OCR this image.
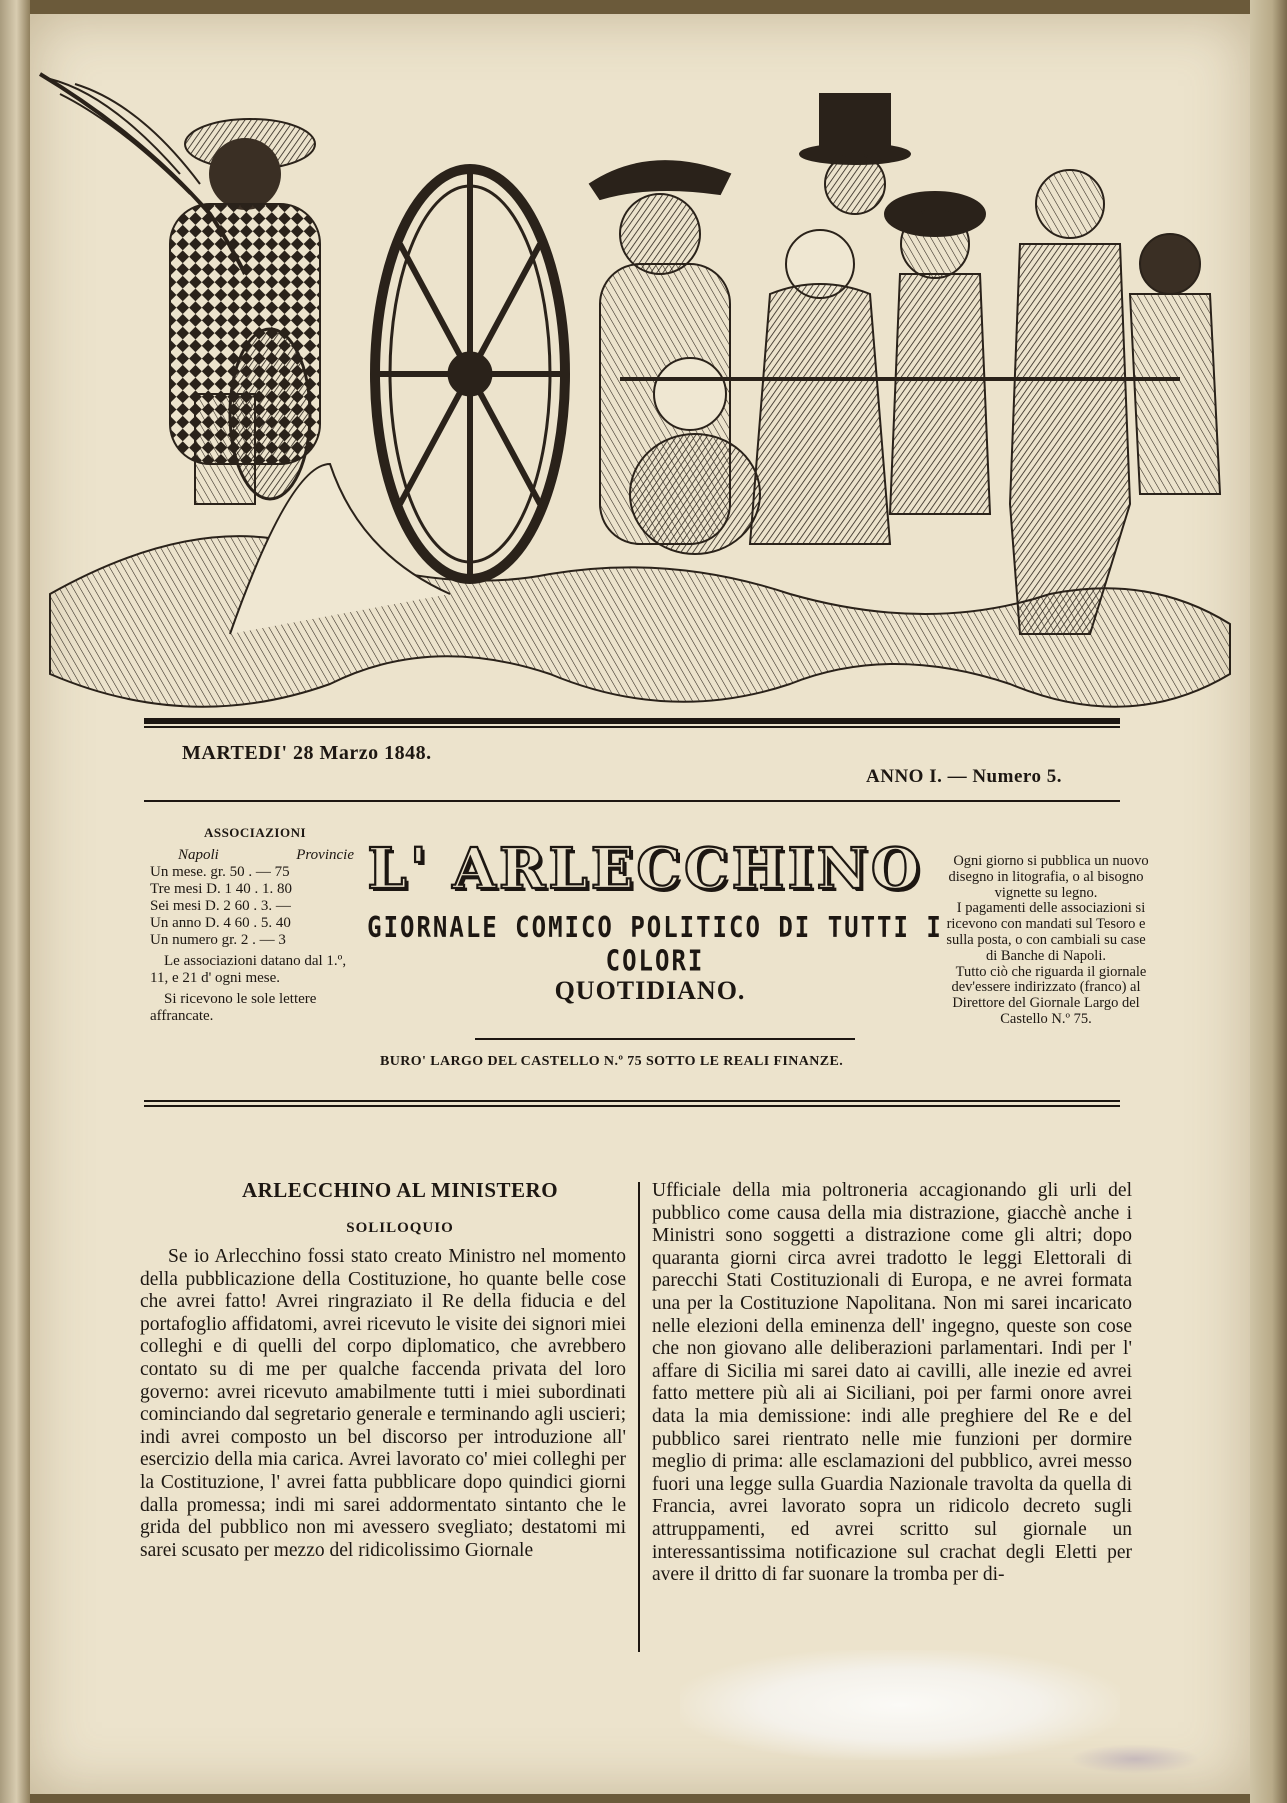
MARTEDI' 28 Marzo 1848.
ANNO I. — Numero 5.
ASSOCIAZIONI
Napoli	Provincie
Un mese. gr. 50 . — 75
Tre mesi D. 1 40 . 1. 80
Sei mesi D. 2 60 . 3. —
Un anno D. 4 60 . 5. 40
Un numero gr. 2 . — 3
Le associazioni datano dal 1.º, 11, e 21 d' ogni mese.
Si ricevono le sole lettere affrancate.
L' ARLECCHINO
GIORNALE COMICO POLITICO DI TUTTI I COLORI
QUOTIDIANO.
BURO' LARGO DEL CASTELLO N.º 75 SOTTO LE REALI FINANZE.

Ogni giorno si pubblica un nuovo disegno in litografia, o al bisogno vignette su legno.

I pagamenti delle associazioni si ricevono con mandati sul Tesoro e sulla posta, o con cambiali su case di Banche di Napoli.

Tutto ciò che riguarda il giornale dev'essere indirizzato (franco) al Direttore del Giornale Largo del Castello N.º 75.

ARLECCHINO AL MINISTERO
SOLILOQUIO
Se io Arlecchino fossi stato creato Ministro nel momento della pubblicazione della Costituzione, ho quante belle cose che avrei fatto! Avrei ringraziato il Re della fiducia e del portafoglio affidatomi, avrei ricevuto le visite dei signori miei colleghi e di quelli del corpo diplomatico, che avrebbero contato su di me per qualche faccenda privata del loro governo: avrei ricevuto amabilmente tutti i miei subordinati cominciando dal segretario generale e terminando agli uscieri; indi avrei composto un bel discorso per introduzione all' esercizio della mia carica. Avrei lavorato co' miei colleghi per la Costituzione, l' avrei fatta pubblicare dopo quindici giorni dalla promessa; indi mi sarei addormentato sintanto che le grida del pubblico non mi avessero svegliato; destatomi mi sarei scusato per mezzo del ridicolissimo Giornale
Ufficiale della mia poltroneria accagionando gli urli del pubblico come causa della mia distrazione, giacchè anche i Ministri sono soggetti a distrazione come gli altri; dopo quaranta giorni circa avrei tradotto le leggi Elettorali di parecchi Stati Costituzionali di Europa, e ne avrei formata una per la Costituzione Napolitana. Non mi sarei incaricato nelle elezioni della eminenza dell' ingegno, queste son cose che non giovano alle deliberazioni parlamentari. Indi per l' affare di Sicilia mi sarei dato ai cavilli, alle inezie ed avrei fatto mettere più ali ai Siciliani, poi per farmi onore avrei data la mia demissione: indi alle preghiere del Re e del pubblico sarei rientrato nelle mie funzioni per dormire meglio di prima: alle esclamazioni del pubblico, avrei messo fuori una legge sulla Guardia Nazionale travolta da quella di Francia, avrei lavorato sopra un ridicolo decreto sugli attruppamenti, ed avrei scritto sul giornale un interessantissima notificazione sul crachat degli Eletti per avere il dritto di far suonare la tromba per di-
